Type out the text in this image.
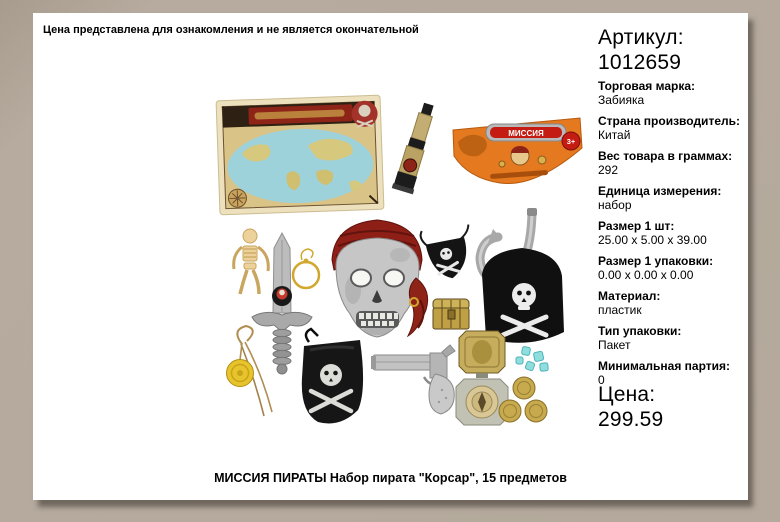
Цена представлена для ознакомления и не является окончательной
МИССИЯ
3+
Артикул:
1012659
Торговая марка:
Забияка
Страна производитель:
Китай
Вес товара в граммах:
292
Единица измерения:
набор
Размер 1 шт:
25.00 x 5.00 x 39.00
Размер 1 упаковки:
0.00 x 0.00 x 0.00
Материал:
пластик
Тип упаковки:
Пакет
Минимальная партия:
0
Цена:
299.59
МИССИЯ ПИРАТЫ Набор пирата "Корсар", 15 предметов
